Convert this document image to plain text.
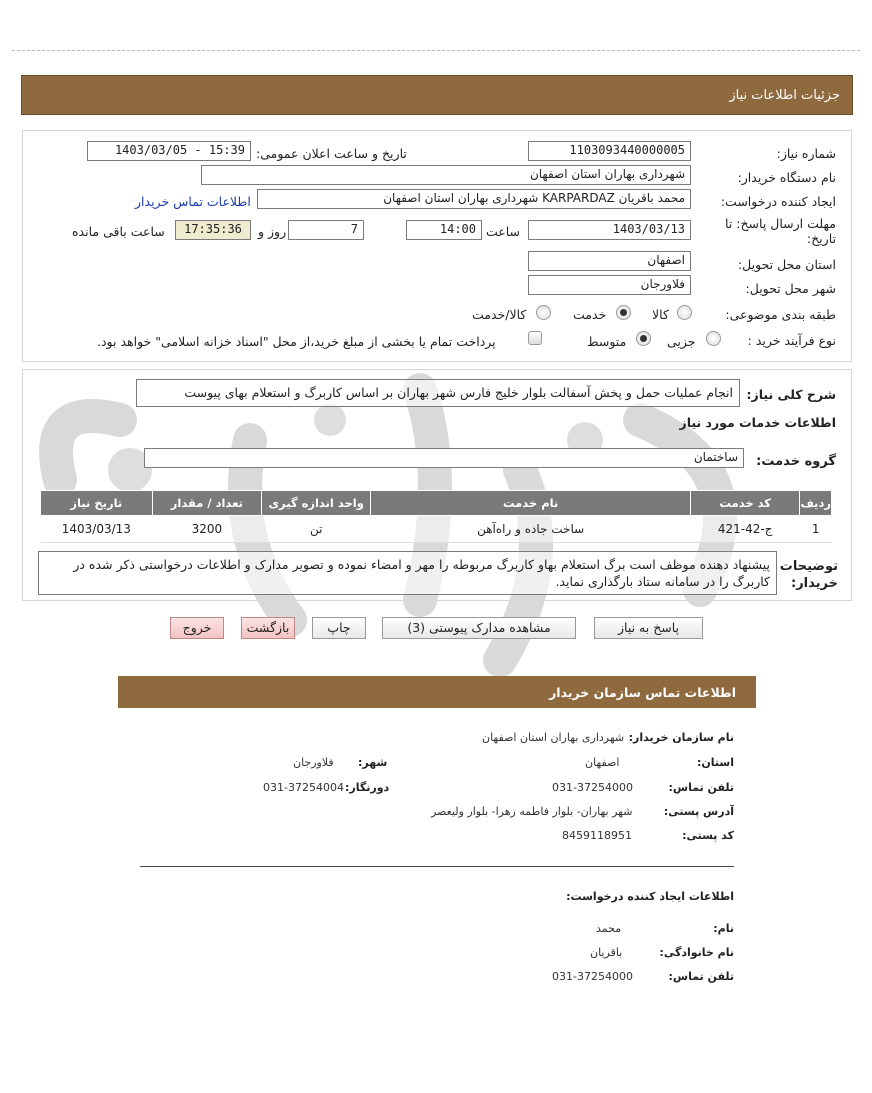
جزئیات اطلاعات نیاز
شماره نیاز:
1103093440000005
تاریخ و ساعت اعلان عمومی:
1403/03/05 - 15:39
نام دستگاه خریدار:
شهرداری بهاران استان اصفهان
ایجاد کننده درخواست:
محمد باقریان KARPARDAZ شهرداری بهاران استان اصفهان
اطلاعات تماس خریدار
مهلت ارسال پاسخ: تا تاریخ:
1403/03/13
ساعت
14:00
7
روز و
17:35:36
ساعت باقی مانده
استان محل تحویل:
اصفهان
شهر محل تحویل:
فلاورجان
طبقه بندی موضوعی:
کالا
خدمت
کالا/خدمت
نوع فرآیند خرید :
جزیی
متوسط
پرداخت تمام یا بخشی از مبلغ خرید،از محل "اسناد خزانه اسلامی" خواهد بود.
شرح کلی نیاز:
انجام عملیات حمل و پخش آسفالت بلوار خلیج فارس شهر بهاران بر اساس کاربرگ و استعلام بهای پیوست
اطلاعات خدمات مورد نیاز
گروه خدمت:
ساختمان
ردیف	کد خدمت	نام خدمت	واحد اندازه گیری	تعداد / مقدار	تاریخ نیاز
1	ج-42-421	ساخت جاده و راه‌آهن	تن	3200	1403/03/13
توضیحات خریدار:
پیشنهاد دهنده موظف است برگ استعلام بهاو کاربرگ مربوطه را مهر و امضاء نموده و تصویر مدارک و اطلاعات درخواستی ذکر شده در کاربرگ را در سامانه ستاد بارگذاری نماید.
پاسخ به نیاز
مشاهده مدارک پیوستی (3)
چاپ
بازگشت
خروج
اطلاعات تماس سازمان خریدار
نام سازمان خریدار:
شهرداری بهاران استان اصفهان
استان:
اصفهان
شهر:
فلاورجان
تلفن تماس:
031-37254000
دورنگار:
031-37254004
آدرس پستی:
شهر بهاران- بلوار فاطمه زهرا- بلوار ولیعصر
کد پستی:
8459118951
اطلاعات ایجاد کننده درخواست:
نام:
محمد
نام خانوادگی:
باقریان
تلفن تماس:
031-37254000
